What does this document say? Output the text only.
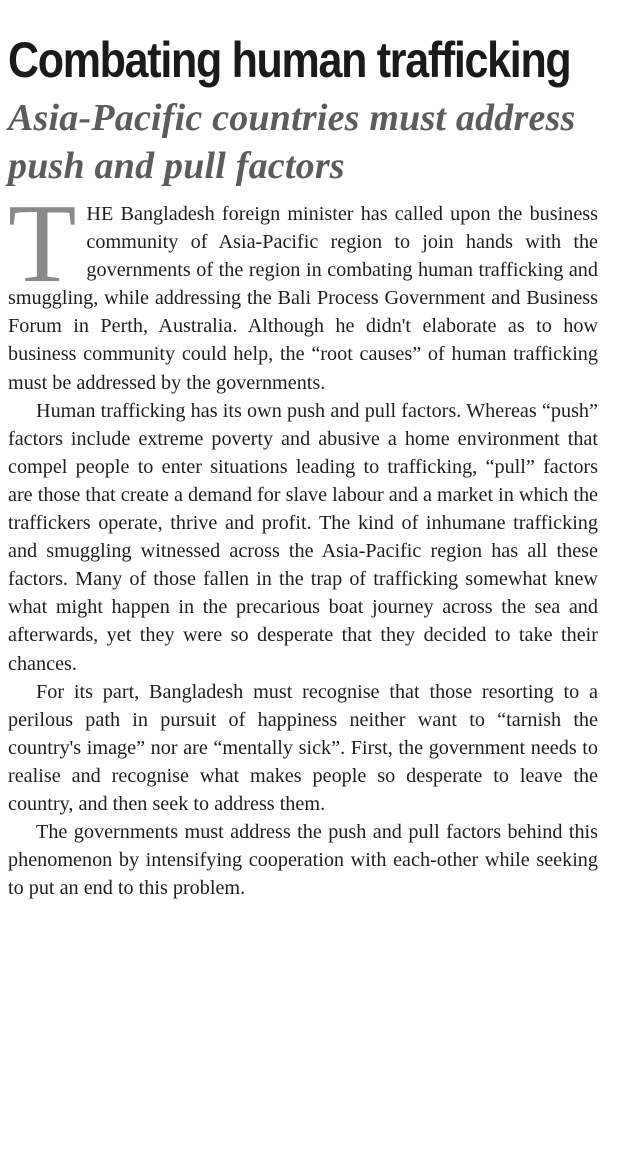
Combating human trafficking
Asia-Pacific countries must address push and pull factors

THE Bangladesh foreign minister has called upon the business community of Asia-Pacific region to join hands with the governments of the region in combating human trafficking and smuggling, while addressing the Bali Process Government and Business Forum in Perth, Australia. Although he didn't elaborate as to how business community could help, the “root causes” of human trafficking must be addressed by the governments.

Human trafficking has its own push and pull factors. Whereas “push” factors include extreme poverty and abusive a home environment that compel people to enter situations leading to trafficking, “pull” factors are those that create a demand for slave labour and a market in which the traffickers operate, thrive and profit. The kind of inhumane trafficking and smuggling witnessed across the Asia-Pacific region has all these factors. Many of those fallen in the trap of trafficking somewhat knew what might happen in the precarious boat journey across the sea and afterwards, yet they were so desperate that they decided to take their chances.

For its part, Bangladesh must recognise that those resorting to a perilous path in pursuit of happiness neither want to “tarnish the country's image” nor are “mentally sick”. First, the government needs to realise and recognise what makes people so desperate to leave the country, and then seek to address them.

The governments must address the push and pull factors behind this phenomenon by intensifying cooperation with each-other while seeking to put an end to this problem.
